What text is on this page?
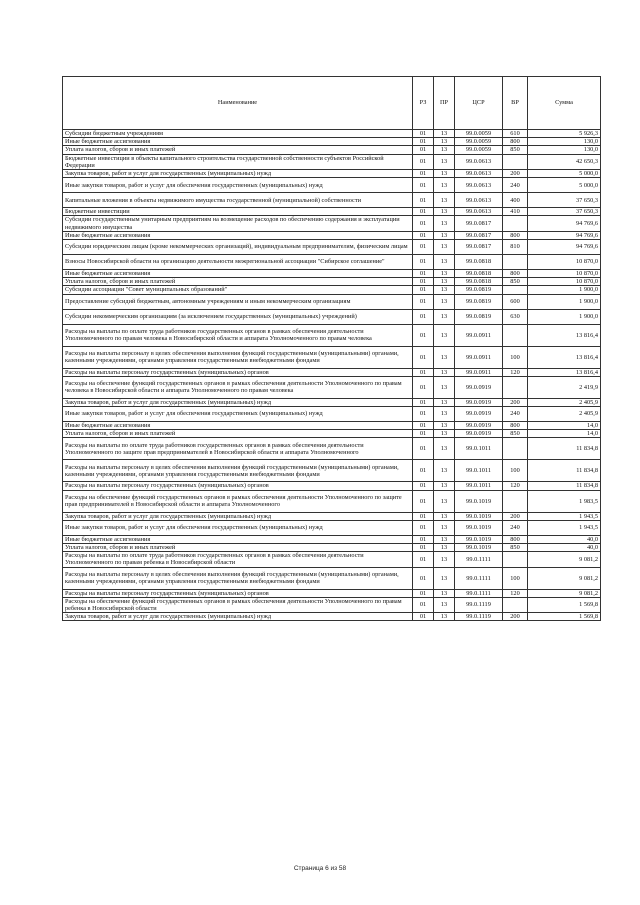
Наименование	РЗ	ПР	ЦСР	ВР	Сумма
Субсидии бюджетным учреждениям	01	13	99.0.0059	610	5 926,3
Иные бюджетные ассигнования	01	13	99.0.0059	800	130,0
Уплата налогов, сборов и иных платежей	01	13	99.0.0059	850	130,0
Бюджетные инвестиции в объекты капитального строительства государственной собственности субъектов Российской Федерации	01	13	99.0.0613		42 650,3
Закупка товаров, работ и услуг для государственных (муниципальных) нужд	01	13	99.0.0613	200	5 000,0
Иные закупки товаров, работ и услуг для обеспечения государственных (муниципальных) нужд	01	13	99.0.0613	240	5 000,0
Капитальные вложения в объекты недвижимого имущества государственной (муниципальной) собственности	01	13	99.0.0613	400	37 650,3
Бюджетные инвестиции	01	13	99.0.0613	410	37 650,3
Субсидии государственным унитарным предприятиям на возмещение расходов по обеспечению содержания и эксплуатации недвижимого имущества	01	13	99.0.0817		94 769,6
Иные бюджетные ассигнования	01	13	99.0.0817	800	94 769,6
Субсидии юридическим лицам (кроме некоммерческих организаций), индивидуальным предпринимателям, физическим лицам	01	13	99.0.0817	810	94 769,6
Взносы Новосибирской области на организацию деятельности межрегиональной ассоциации "Сибирское соглашение"	01	13	99.0.0818		10 870,0
Иные бюджетные ассигнования	01	13	99.0.0818	800	10 870,0
Уплата налогов, сборов и иных платежей	01	13	99.0.0818	850	10 870,0
Субсидии ассоциации "Совет муниципальных образований"	01	13	99.0.0819		1 900,0
Предоставление субсидий бюджетным, автономным учреждениям и иным некоммерческим организациям	01	13	99.0.0819	600	1 900,0
Субсидии некоммерческим организациям (за исключением государственных (муниципальных) учреждений)	01	13	99.0.0819	630	1 900,0
Расходы на выплаты по оплате труда работников государственных органов в рамках обеспечения деятельности Уполномоченного по правам человека в Новосибирской области и аппарата Уполномоченного по правам человека	01	13	99.0.0911		13 816,4
Расходы на выплаты персоналу в целях обеспечения выполнения функций государственными (муниципальными) органами, казенными учреждениями, органами управления государственными внебюджетными фондами	01	13	99.0.0911	100	13 816,4
Расходы на выплаты персоналу государственных (муниципальных) органов	01	13	99.0.0911	120	13 816,4
Расходы на обеспечение функций государственных органов в рамках обеспечения деятельности Уполномоченного по правам человека в Новосибирской области и аппарата Уполномоченного по правам человека	01	13	99.0.0919		2 419,9
Закупка товаров, работ и услуг для государственных (муниципальных) нужд	01	13	99.0.0919	200	2 405,9
Иные закупки товаров, работ и услуг для обеспечения государственных (муниципальных) нужд	01	13	99.0.0919	240	2 405,9
Иные бюджетные ассигнования	01	13	99.0.0919	800	14,0
Уплата налогов, сборов и иных платежей	01	13	99.0.0919	850	14,0
Расходы на выплаты по оплате труда работников государственных органов в рамках обеспечения деятельности Уполномоченного по защите прав предпринимателей в Новосибирской области и аппарата Уполномоченного	01	13	99.0.1011		11 834,8
Расходы на выплаты персоналу в целях обеспечения выполнения функций государственными (муниципальными) органами, казенными учреждениями, органами управления государственными внебюджетными фондами	01	13	99.0.1011	100	11 834,8
Расходы на выплаты персоналу государственных (муниципальных) органов	01	13	99.0.1011	120	11 834,8
Расходы на обеспечение функций государственных органов в рамках обеспечения деятельности Уполномоченного по защите прав предпринимателей в Новосибирской области и аппарата Уполномоченного	01	13	99.0.1019		1 983,5
Закупка товаров, работ и услуг для государственных (муниципальных) нужд	01	13	99.0.1019	200	1 943,5
Иные закупки товаров, работ и услуг для обеспечения государственных (муниципальных) нужд	01	13	99.0.1019	240	1 943,5
Иные бюджетные ассигнования	01	13	99.0.1019	800	40,0
Уплата налогов, сборов и иных платежей	01	13	99.0.1019	850	40,0
Расходы на выплаты по оплате труда работников государственных органов в рамках обеспечения деятельности Уполномоченного по правам ребенка в Новосибирской области	01	13	99.0.1111		9 081,2
Расходы на выплаты персоналу в целях обеспечения выполнения функций государственными (муниципальными) органами, казенными учреждениями, органами управления государственными внебюджетными фондами	01	13	99.0.1111	100	9 081,2
Расходы на выплаты персоналу государственных (муниципальных) органов	01	13	99.0.1111	120	9 081,2
Расходы на обеспечение функций государственных органов в рамках обеспечения деятельности Уполномоченного по правам ребенка в Новосибирской области	01	13	99.0.1119		1 569,8
Закупка товаров, работ и услуг для государственных (муниципальных) нужд	01	13	99.0.1119	200	1 569,8
Страница 6 из 58
